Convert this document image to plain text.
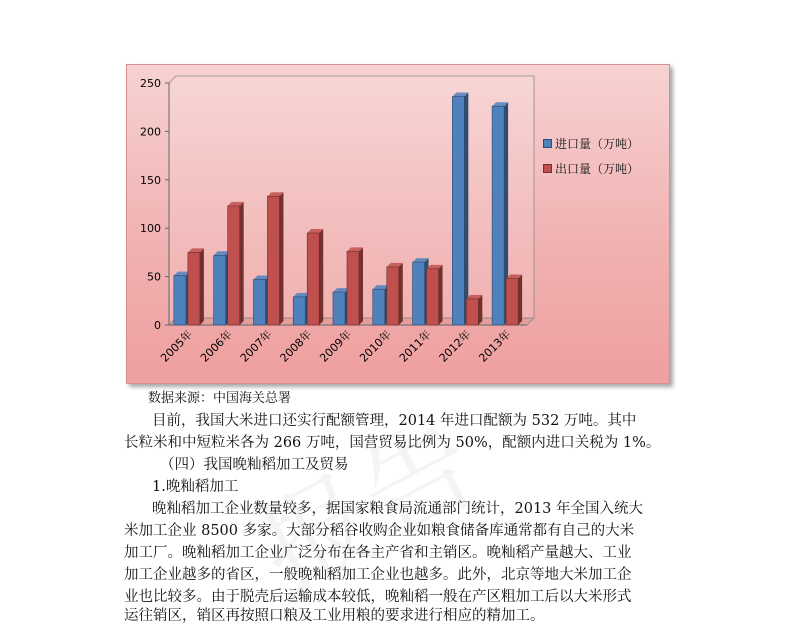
0
50
100
150
200
250
2005年 2006年 2007年 2008年 2009年 2010年 2011年 2012年 2013年
进口量（万吨）
出口量（万吨）
数据来源：中国海关总署
目前，我国大米进口还实行配额管理，2014 年进口配额为 532 万吨。其中
长粒米和中短粒米各为 266 万吨，国营贸易比例为 50%，配额内进口关税为 1%。
（四）我国晚籼稻加工及贸易
1.晚籼稻加工
晚籼稻加工企业数量较多，据国家粮食局流通部门统计，2013 年全国入统大
米加工企业 8500 多家。大部分稻谷收购企业如粮食储备库通常都有自己的大米
加工厂。晚籼稻加工企业广泛分布在各主产省和主销区。晚籼稻产量越大、工业
加工企业越多的省区，一般晚籼稻加工企业也越多。此外，北京等地大米加工企
业也比较多。由于脱壳后运输成本较低，晚籼稻一般在产区粗加工后以大米形式
运往销区，销区再按照口粮及工业用粮的要求进行相应的精加工。
